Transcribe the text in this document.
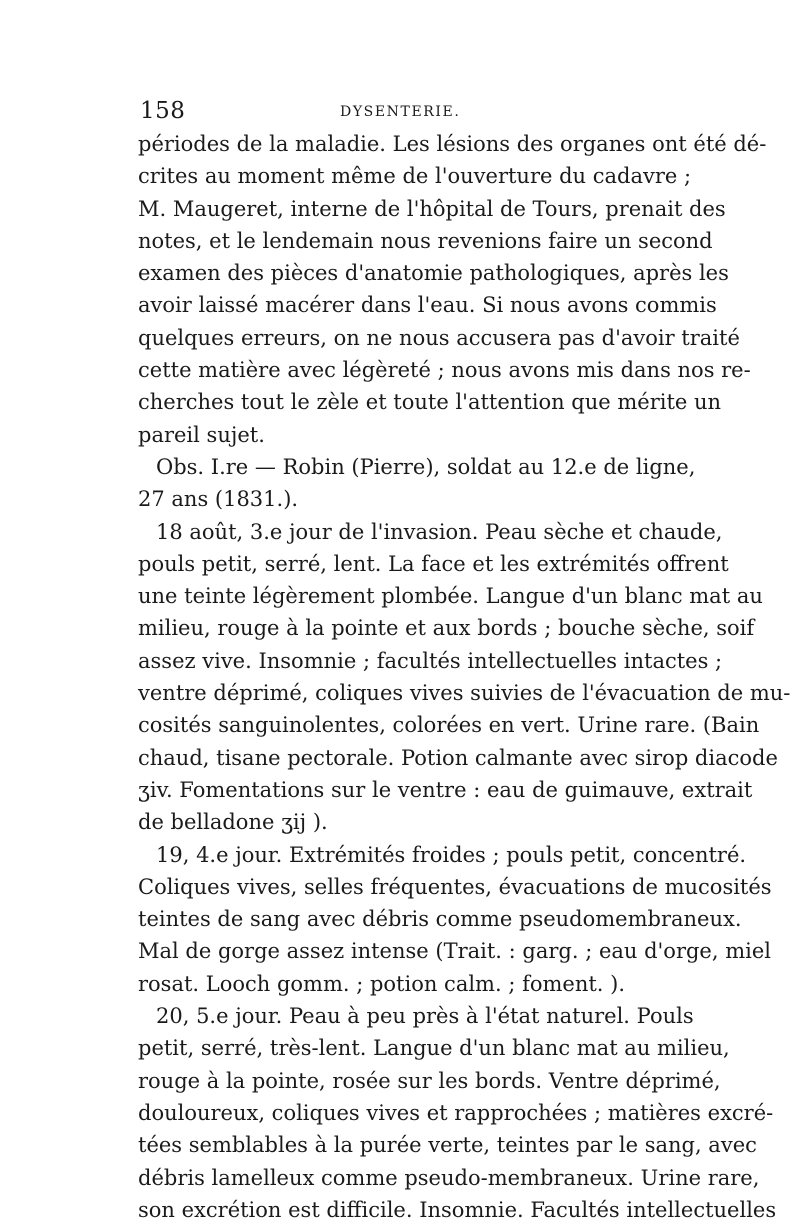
158	DYSENTERIE.
périodes de la maladie. Les lésions des organes ont été dé-
crites au moment même de l'ouverture du cadavre ;
M. Maugeret, interne de l'hôpital de Tours, prenait des
notes, et le lendemain nous revenions faire un second
examen des pièces d'anatomie pathologiques, après les
avoir laissé macérer dans l'eau. Si nous avons commis
quelques erreurs, on ne nous accusera pas d'avoir traité
cette matière avec légèreté ; nous avons mis dans nos re-
cherches tout le zèle et toute l'attention que mérite un
pareil sujet.
Obs. I.re — Robin (Pierre), soldat au 12.e de ligne,
27 ans (1831.).
18 août, 3.e jour de l'invasion. Peau sèche et chaude,
pouls petit, serré, lent. La face et les extrémités offrent
une teinte légèrement plombée. Langue d'un blanc mat au
milieu, rouge à la pointe et aux bords ; bouche sèche, soif
assez vive. Insomnie ; facultés intellectuelles intactes ;
ventre déprimé, coliques vives suivies de l'évacuation de mu-
cosités sanguinolentes, colorées en vert. Urine rare. (Bain
chaud, tisane pectorale. Potion calmante avec sirop diacode
ʒiv. Fomentations sur le ventre : eau de guimauve, extrait
de belladone ʒij ).
19, 4.e jour. Extrémités froides ; pouls petit, concentré.
Coliques vives, selles fréquentes, évacuations de mucosités
teintes de sang avec débris comme pseudomembraneux.
Mal de gorge assez intense (Trait. : garg. ; eau d'orge, miel
rosat. Looch gomm. ; potion calm. ; foment. ).
20, 5.e jour. Peau à peu près à l'état naturel. Pouls
petit, serré, très-lent. Langue d'un blanc mat au milieu,
rouge à la pointe, rosée sur les bords. Ventre déprimé,
douloureux, coliques vives et rapprochées ; matières excré-
tées semblables à la purée verte, teintes par le sang, avec
débris lamelleux comme pseudo-membraneux. Urine rare,
son excrétion est difficile. Insomnie. Facultés intellectuelles
